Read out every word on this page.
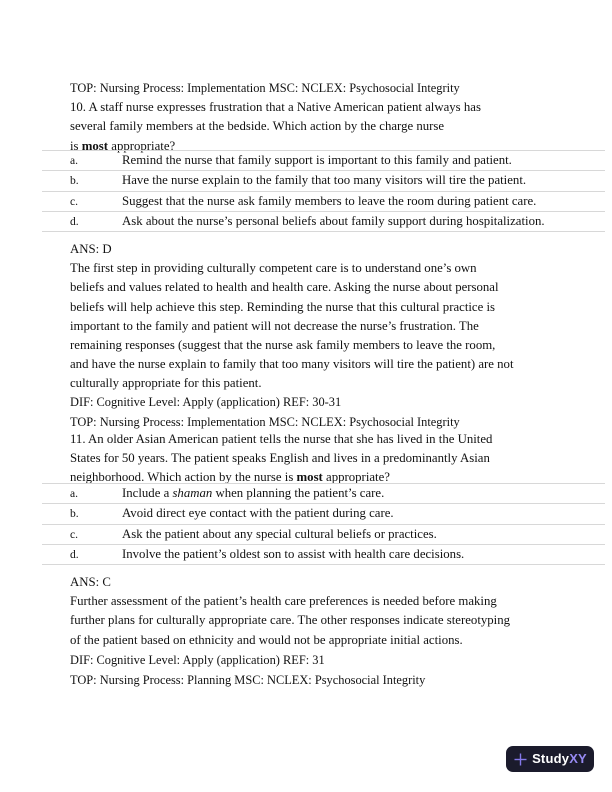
TOP: Nursing Process: Implementation MSC: NCLEX: Psychosocial Integrity
10. A staff nurse expresses frustration that a Native American patient always has
several family members at the bedside. Which action by the charge nurse
is most appropriate?
a.	Remind the nurse that family support is important to this family and patient.
b.	Have the nurse explain to the family that too many visitors will tire the patient.
c.	Suggest that the nurse ask family members to leave the room during patient care.
d.	Ask about the nurse’s personal beliefs about family support during hospitalization.
ANS: D
The first step in providing culturally competent care is to understand one’s own
beliefs and values related to health and health care. Asking the nurse about personal
beliefs will help achieve this step. Reminding the nurse that this cultural practice is
important to the family and patient will not decrease the nurse’s frustration. The
remaining responses (suggest that the nurse ask family members to leave the room,
and have the nurse explain to family that too many visitors will tire the patient) are not
culturally appropriate for this patient.
DIF: Cognitive Level: Apply (application) REF: 30-31
TOP: Nursing Process: Implementation MSC: NCLEX: Psychosocial Integrity
11. An older Asian American patient tells the nurse that she has lived in the United
States for 50 years. The patient speaks English and lives in a predominantly Asian
neighborhood. Which action by the nurse is most appropriate?
a.	Include a shaman when planning the patient’s care.
b.	Avoid direct eye contact with the patient during care.
c.	Ask the patient about any special cultural beliefs or practices.
d.	Involve the patient’s oldest son to assist with health care decisions.
ANS: C
Further assessment of the patient’s health care preferences is needed before making
further plans for culturally appropriate care. The other responses indicate stereotyping
of the patient based on ethnicity and would not be appropriate initial actions.
DIF: Cognitive Level: Apply (application) REF: 31
TOP: Nursing Process: Planning MSC: NCLEX: Psychosocial Integrity
StudyXY
